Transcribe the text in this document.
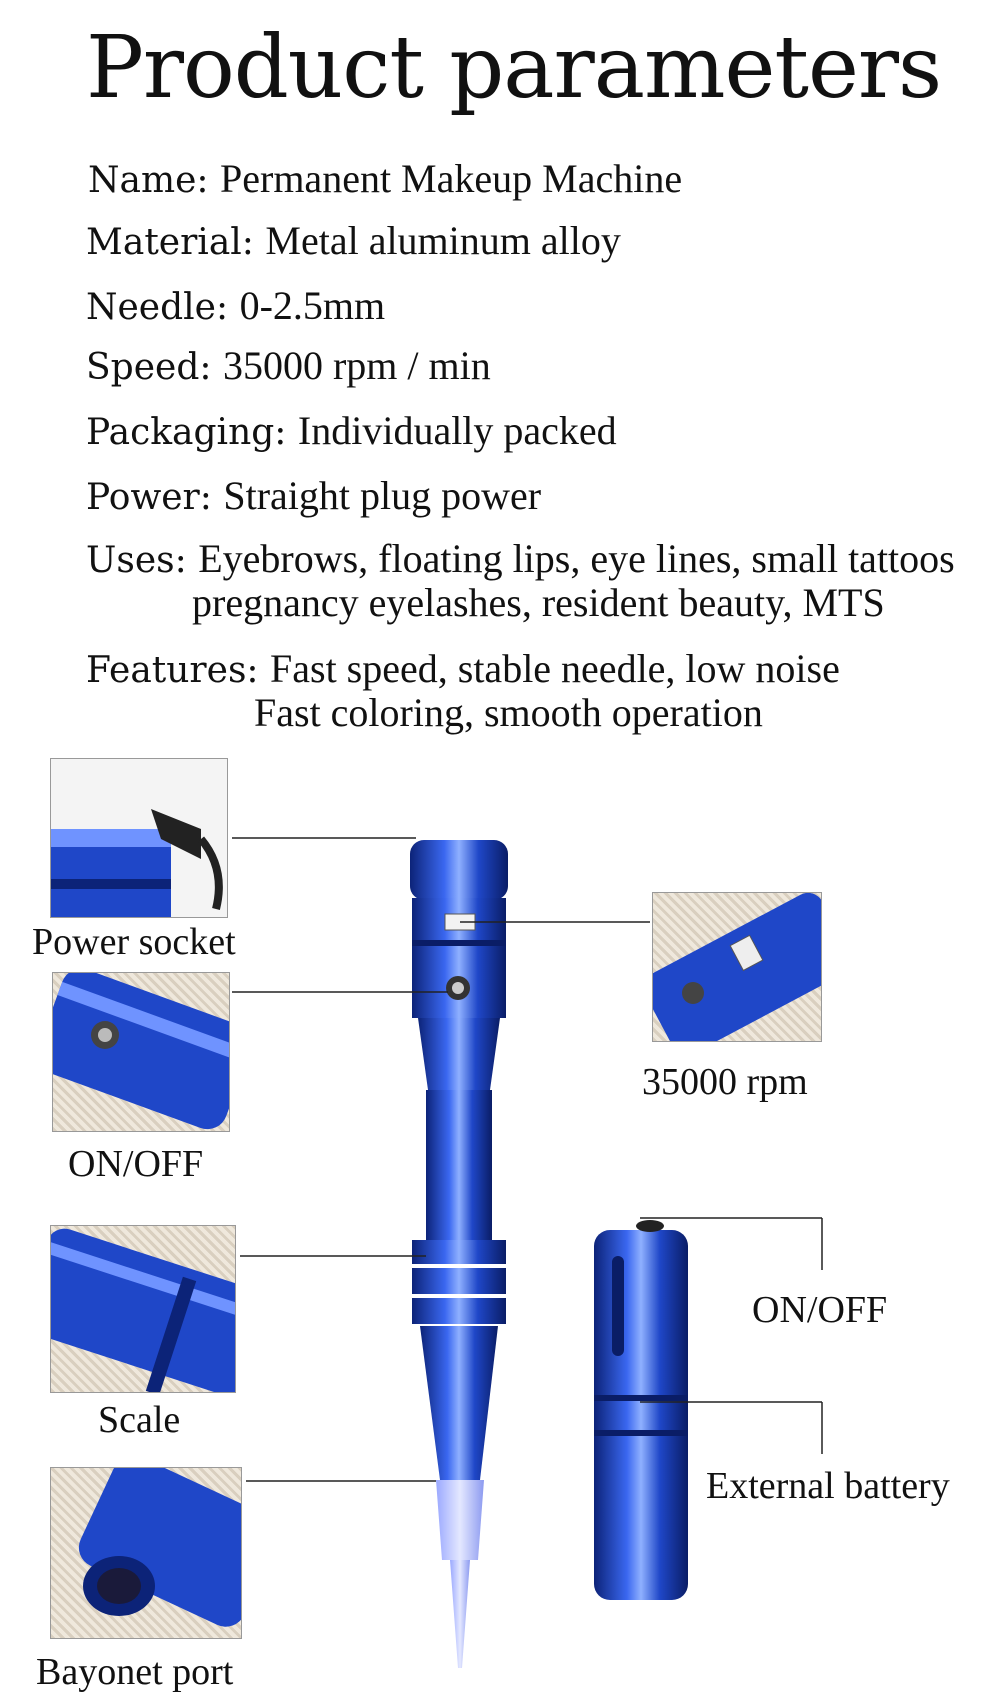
Product parameters
Name: Permanent Makeup Machine
Material: Metal aluminum alloy
Needle: 0-2.5mm
Speed: 35000 rpm / min
Packaging: Individually packed
Power: Straight plug power
Uses: Eyebrows, floating lips, eye lines, small tattoos
pregnancy eyelashes, resident beauty, MTS
Features: Fast speed, stable needle, low noise
Fast coloring, smooth operation
Power socket
ON/OFF
Scale
Bayonet port
35000 rpm
ON/OFF
External battery
